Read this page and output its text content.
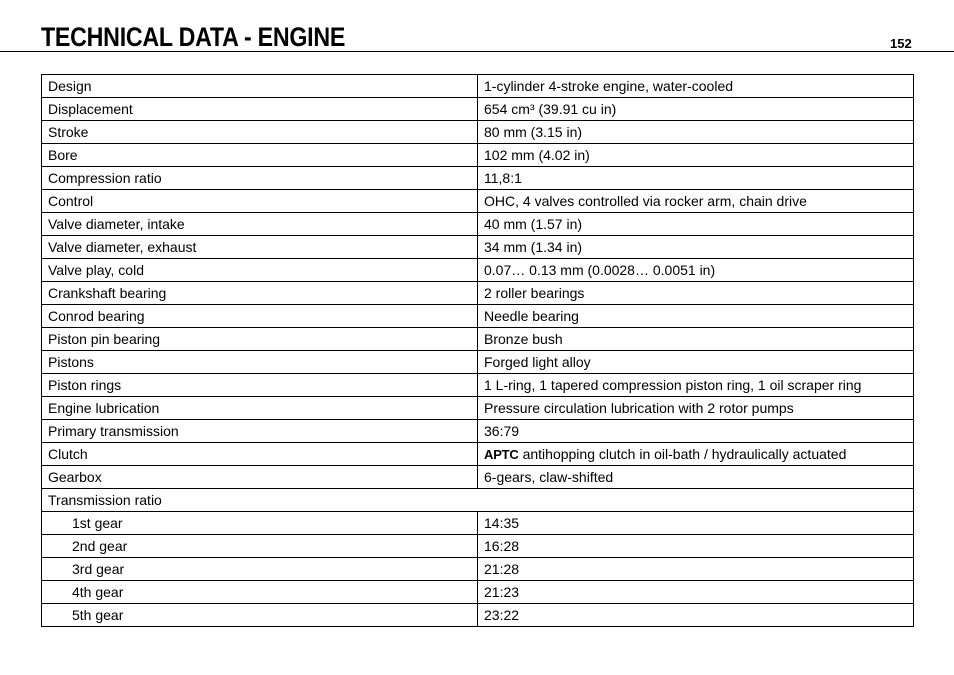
TECHNICAL DATA - ENGINE	152
Design	1-cylinder 4-stroke engine, water-cooled
Displacement	654 cm³ (39.91 cu in)
Stroke	80 mm (3.15 in)
Bore	102 mm (4.02 in)
Compression ratio	11,8:1
Control	OHC, 4 valves controlled via rocker arm, chain drive
Valve diameter, intake	40 mm (1.57 in)
Valve diameter, exhaust	34 mm (1.34 in)
Valve play, cold	0.07… 0.13 mm (0.0028… 0.0051 in)
Crankshaft bearing	2 roller bearings
Conrod bearing	Needle bearing
Piston pin bearing	Bronze bush
Pistons	Forged light alloy
Piston rings	1 L-ring, 1 tapered compression piston ring, 1 oil scraper ring
Engine lubrication	Pressure circulation lubrication with 2 rotor pumps
Primary transmission	36:79
Clutch	APTC antihopping clutch in oil-bath / hydraulically actuated
Gearbox	6-gears, claw-shifted
Transmission ratio	
1st gear	14:35
2nd gear	16:28
3rd gear	21:28
4th gear	21:23
5th gear	23:22
